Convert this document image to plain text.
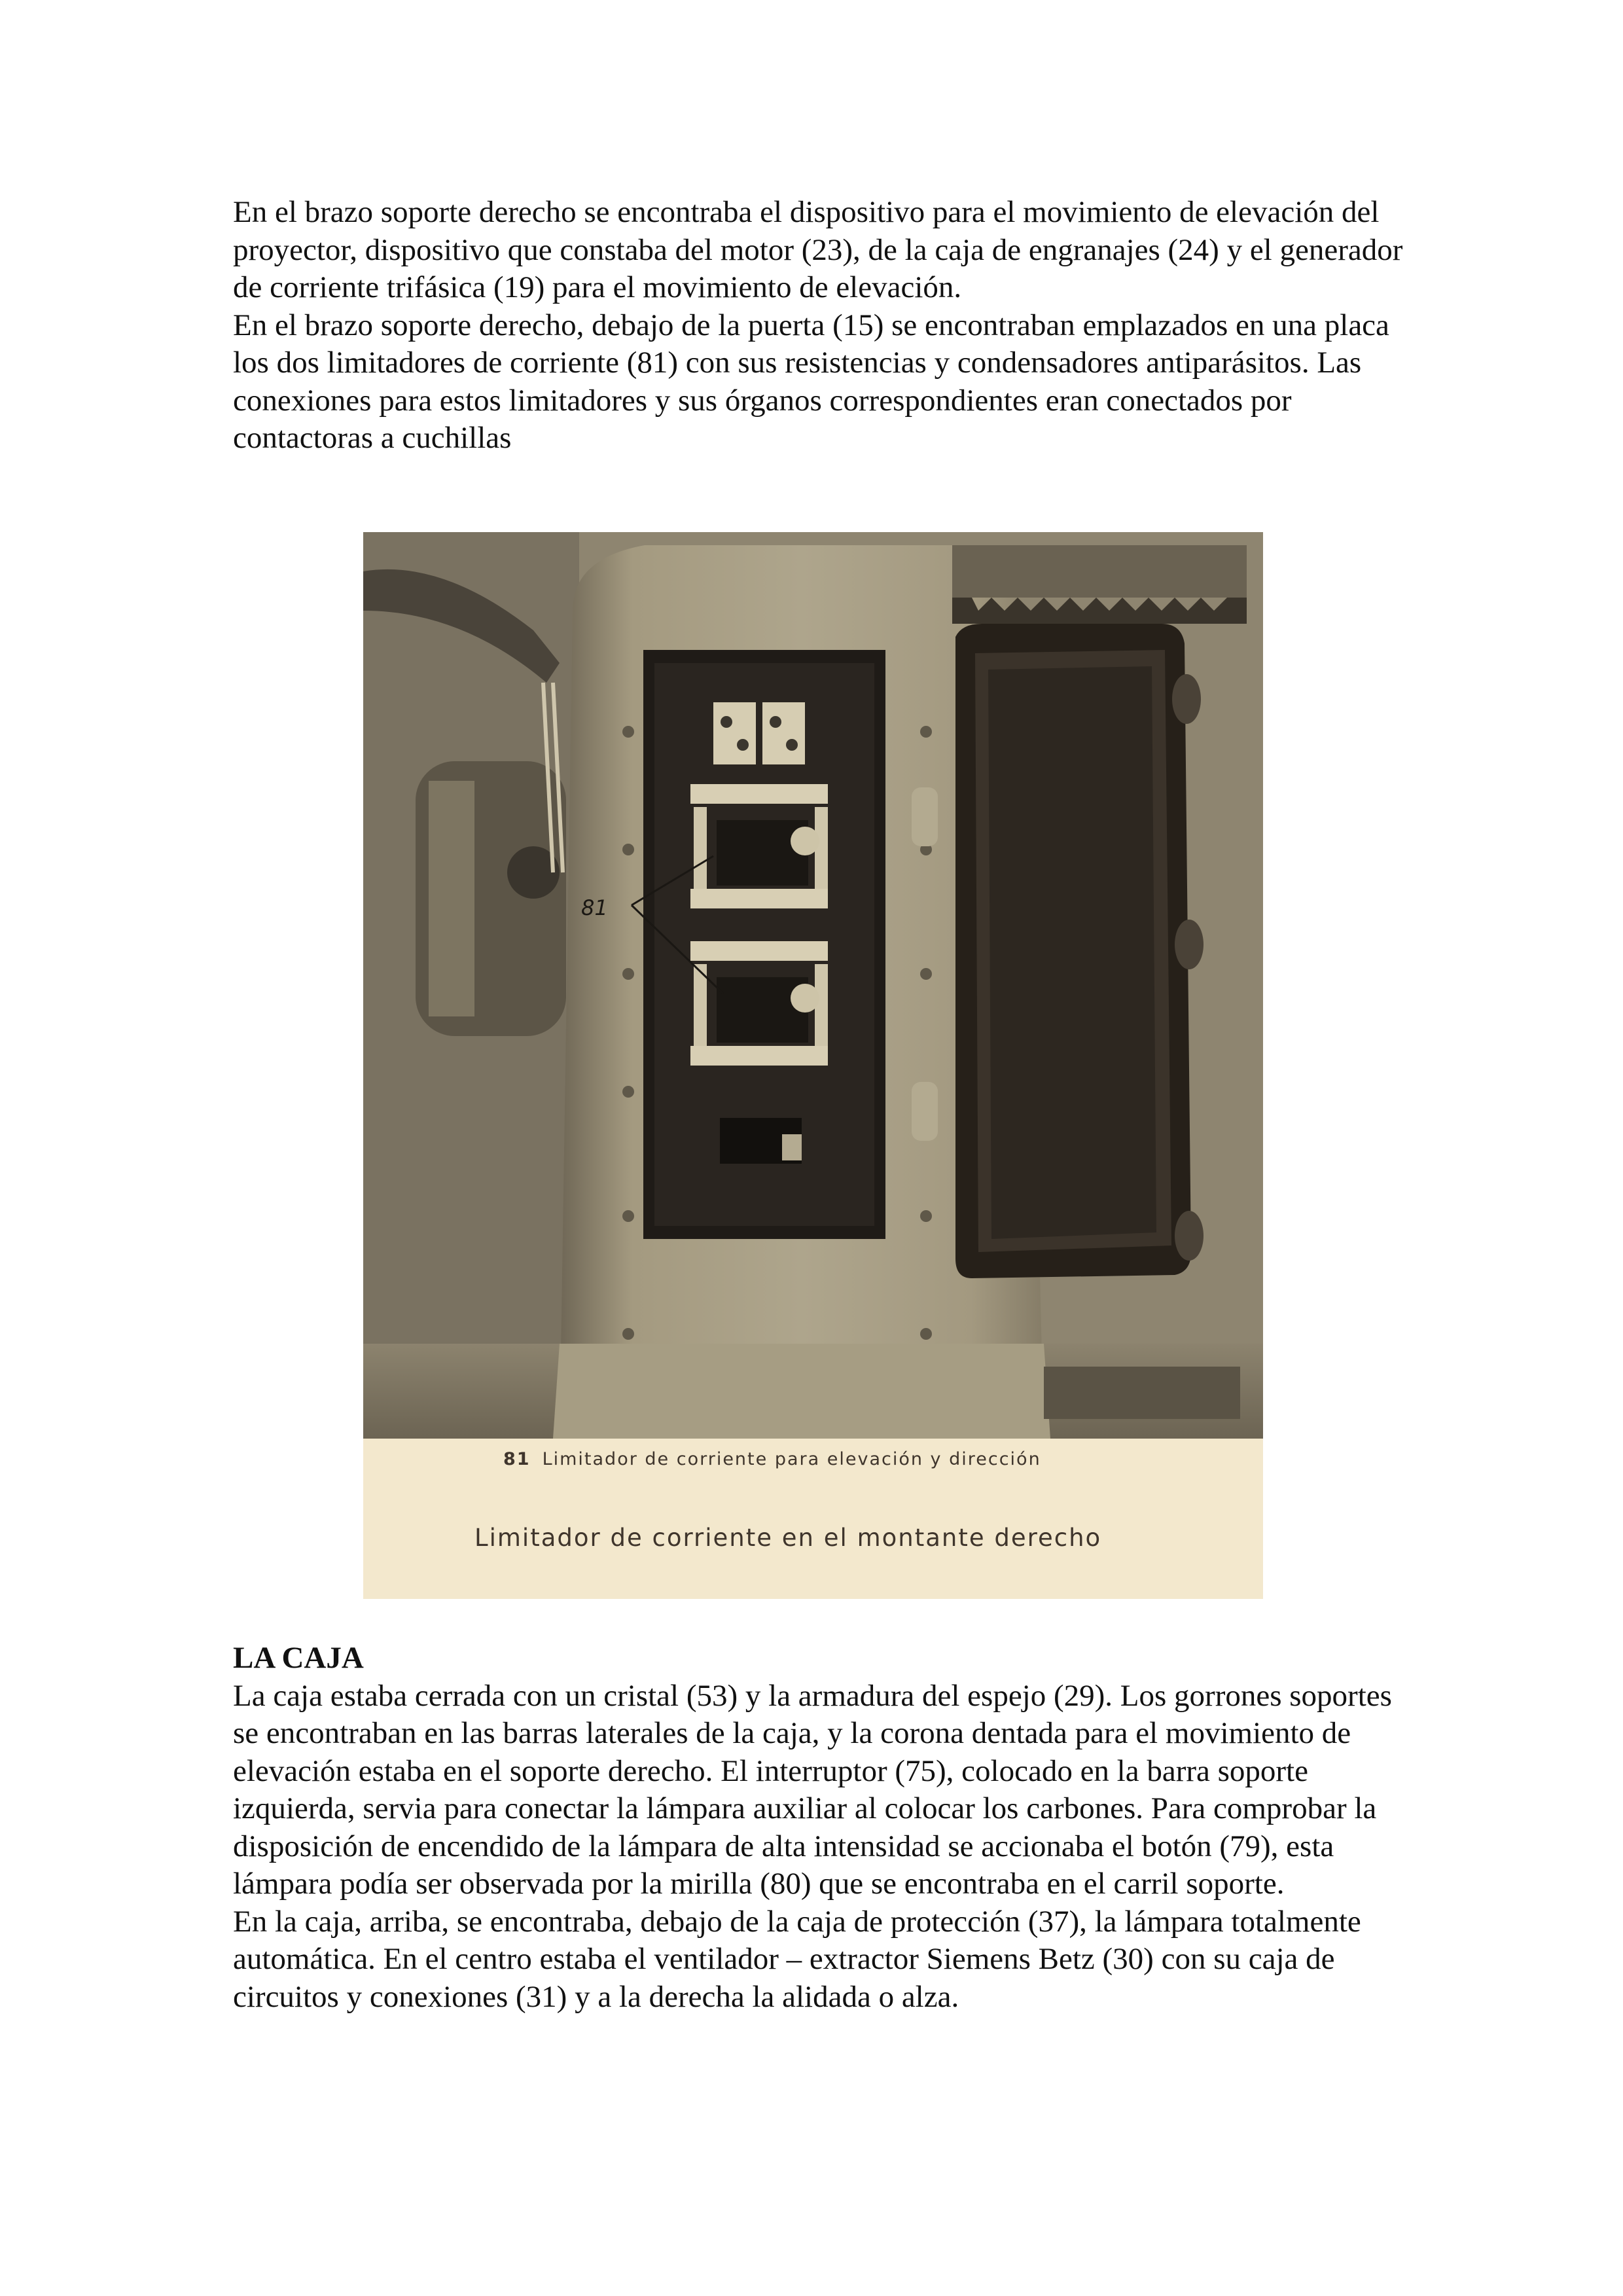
En el brazo soporte derecho se encontraba el dispositivo para el movimiento de elevación del proyector, dispositivo que constaba del motor (23), de la caja de engranajes (24) y el generador de corriente trifásica (19) para el movimiento de elevación.

En el brazo soporte derecho, debajo de la puerta (15) se encontraban emplazados en una placa los dos limitadores de corriente (81) con sus resistencias y condensadores antiparásitos. Las conexiones para estos limitadores y sus órganos correspondientes eran conectados por contactoras a cuchillas

81
81 Limitador de corriente para elevación y dirección
Limitador de corriente en el montante derecho

LA CAJA

La caja estaba cerrada con un cristal (53) y la armadura del espejo (29). Los gorrones soportes se encontraban en las barras laterales de la caja, y la corona dentada para el movimiento de elevación estaba en el soporte derecho. El interruptor (75), colocado en la barra soporte izquierda, servia para conectar la lámpara auxiliar al colocar los carbones. Para comprobar la disposición de encendido de la lámpara de alta intensidad se accionaba el botón (79), esta lámpara podía ser observada por la mirilla (80) que se encontraba en el carril soporte.

En la caja, arriba, se encontraba, debajo de la caja de protección (37), la lámpara totalmente automática. En el centro estaba el ventilador – extractor Siemens Betz (30) con su caja de circuitos y conexiones (31) y a la derecha la alidada o alza.
